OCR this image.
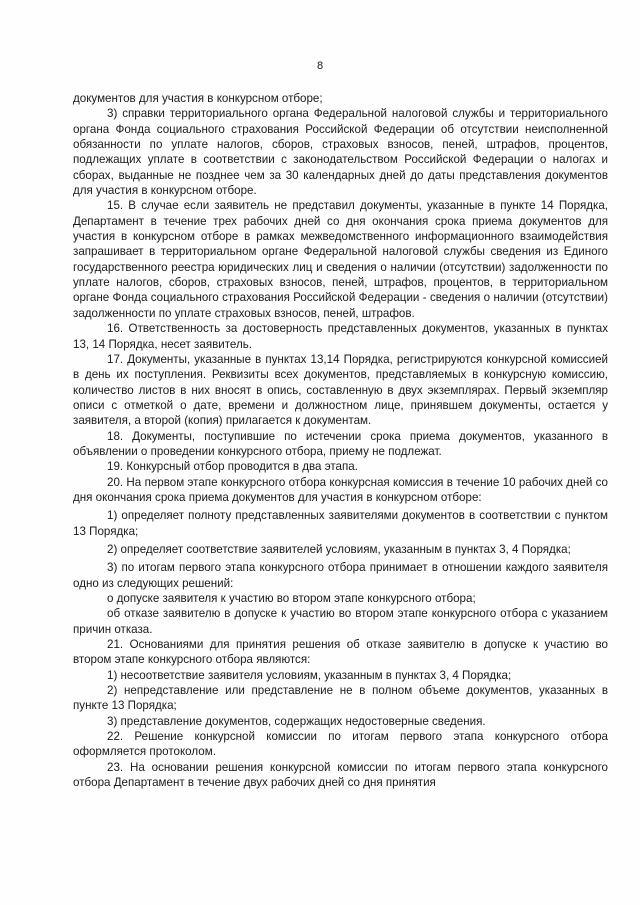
8

документов для участия в конкурсном отборе;

3) справки территориального органа Федеральной налоговой службы и территориального органа Фонда социального страхования Российской Федерации об отсутствии неисполненной обязанности по уплате налогов, сборов, страховых взносов, пеней, штрафов, процентов, подлежащих уплате в соответствии с законодательством Российской Федерации о налогах и сборах, выданные не позднее чем за 30 календарных дней до даты представления документов для участия в конкурсном отборе.

15. В случае если заявитель не представил документы, указанные в пункте 14 Порядка, Департамент в течение трех рабочих дней со дня окончания срока приема документов для участия в конкурсном отборе в рамках межведомственного информационного взаимодействия запрашивает в территориальном органе Федеральной налоговой службы сведения из Единого государственного реестра юридических лиц и сведения о наличии (отсутствии) задолженности по уплате налогов, сборов, страховых взносов, пеней, штрафов, процентов, в территориальном органе Фонда социального страхования Российской Федерации - сведения о наличии (отсутствии) задолженности по уплате страховых взносов, пеней, штрафов.

16. Ответственность за достоверность представленных документов, указанных в пунктах 13, 14 Порядка, несет заявитель.

17. Документы, указанные в пунктах 13,14 Порядка, регистрируются конкурсной комиссией в день их поступления. Реквизиты всех документов, представляемых в конкурсную комиссию, количество листов в них вносят в опись, составленную в двух экземплярах. Первый экземпляр описи с отметкой о дате, времени и должностном лице, принявшем документы, остается у заявителя, а второй (копия) прилагается к документам.

18. Документы, поступившие по истечении срока приема документов, указанного в объявлении о проведении конкурсного отбора, приему не подлежат.

19. Конкурсный отбор проводится в два этапа.

20. На первом этапе конкурсного отбора конкурсная комиссия в течение 10 рабочих дней со дня окончания срока приема документов для участия в конкурсном отборе:

1) определяет полноту представленных заявителями документов в соответствии с пунктом 13 Порядка;

2) определяет соответствие заявителей условиям, указанным в пунктах 3, 4 Порядка;

3) по итогам первого этапа конкурсного отбора принимает в отношении каждого заявителя одно из следующих решений:

о допуске заявителя к участию во втором этапе конкурсного отбора;

об отказе заявителю в допуске к участию во втором этапе конкурсного отбора с указанием причин отказа.

21. Основаниями для принятия решения об отказе заявителю в допуске к участию во втором этапе конкурсного отбора являются:

1) несоответствие заявителя условиям, указанным в пунктах 3, 4 Порядка;

2) непредставление или представление не в полном объеме документов, указанных в пункте 13 Порядка;

3) представление документов, содержащих недостоверные сведения.

22. Решение конкурсной комиссии по итогам первого этапа конкурсного отбора оформляется протоколом.

23. На основании решения конкурсной комиссии по итогам первого этапа конкурсного отбора Департамент в течение двух рабочих дней со дня принятия
